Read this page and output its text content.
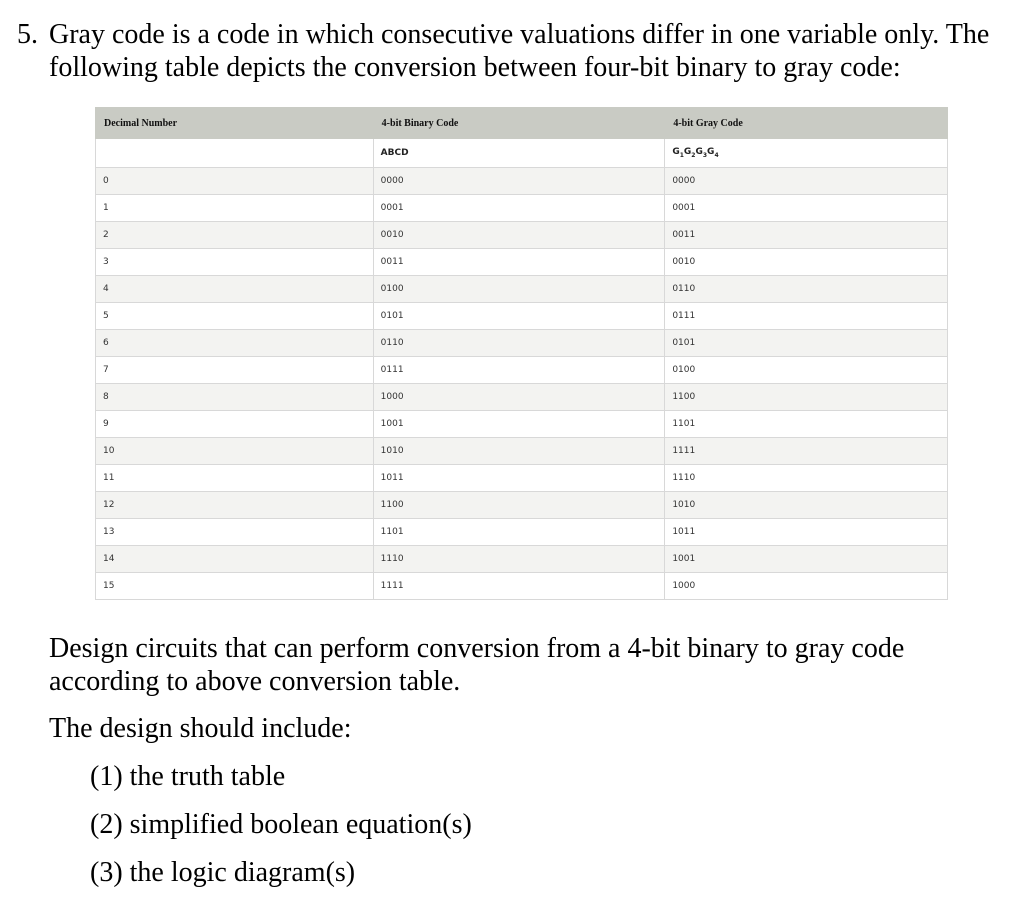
5. Gray code is a code in which consecutive valuations differ in one variable only. The
following table depicts the conversion between four-bit binary to gray code:
Decimal Number	4-bit Binary Code	4-bit Gray Code
	ABCD	$G_1G_2G_3G_4$
0	0000	0000
1	0001	0001
2	0010	0011
3	0011	0010
4	0100	0110
5	0101	0111
6	0110	0101
7	0111	0100
8	1000	1100
9	1001	1101
10	1010	1111
11	1011	1110
12	1100	1010
13	1101	1011
14	1110	1001
15	1111	1000
Design circuits that can perform conversion from a 4-bit binary to gray code
according to above conversion table.
The design should include:
(1) the truth table
(2) simplified boolean equation(s)
(3) the logic diagram(s)
